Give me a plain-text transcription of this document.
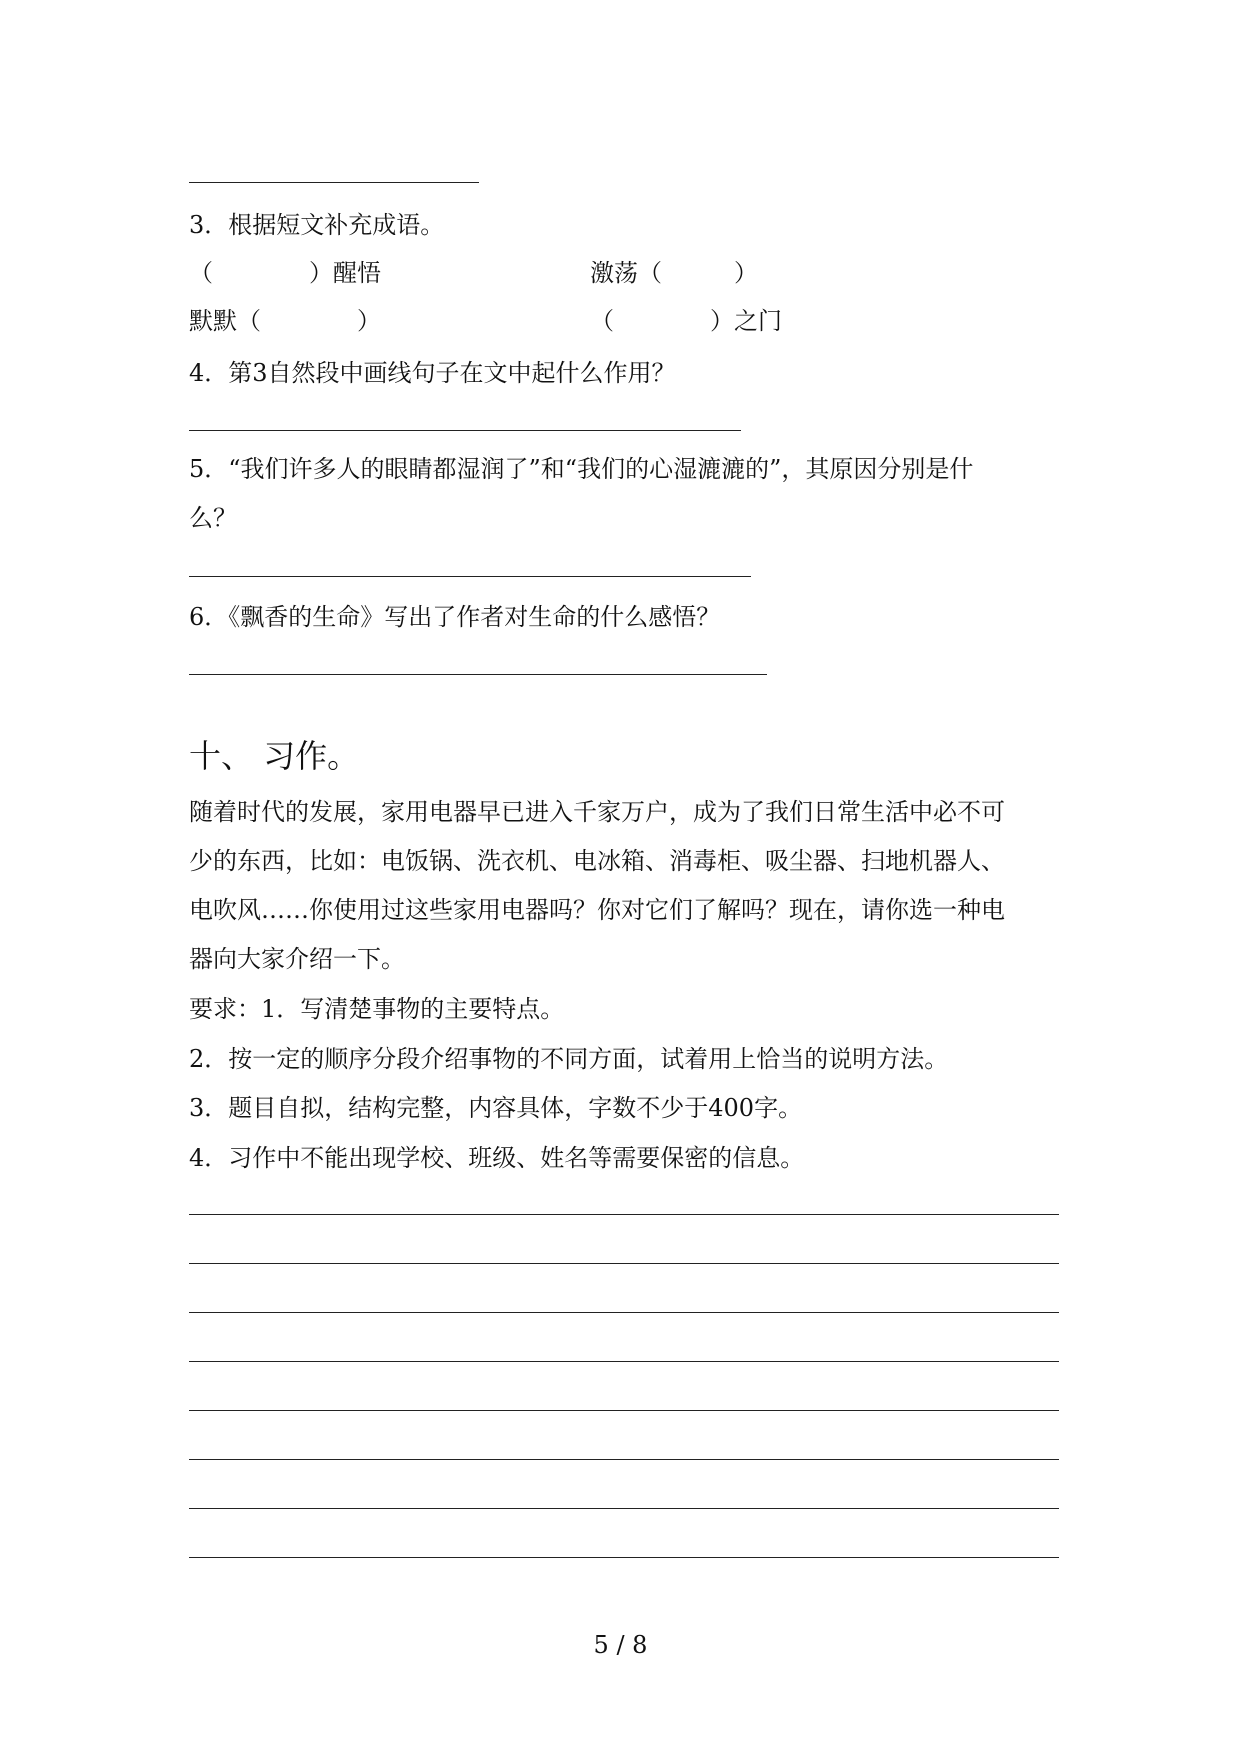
3．根据短文补充成语。
（　　　　）醒悟	激荡（　　　）
默默（　　　　）	（　　　　）之门
4．第3自然段中画线句子在文中起什么作用？
5．“我们许多人的眼睛都湿润了”和“我们的心湿漉漉的”，其原因分别是什
么？
6．《飘香的生命》写出了作者对生命的什么感悟？
十、 习作。
随着时代的发展，家用电器早已进入千家万户，成为了我们日常生活中必不可
少的东西，比如：电饭锅、洗衣机、电冰箱、消毒柜、吸尘器、扫地机器人、
电吹风……你使用过这些家用电器吗？你对它们了解吗？现在，请你选一种电
器向大家介绍一下。
要求：1．写清楚事物的主要特点。
2．按一定的顺序分段介绍事物的不同方面，试着用上恰当的说明方法。
3．题目自拟，结构完整，内容具体，字数不少于400字。
4．习作中不能出现学校、班级、姓名等需要保密的信息。
5 / 8
